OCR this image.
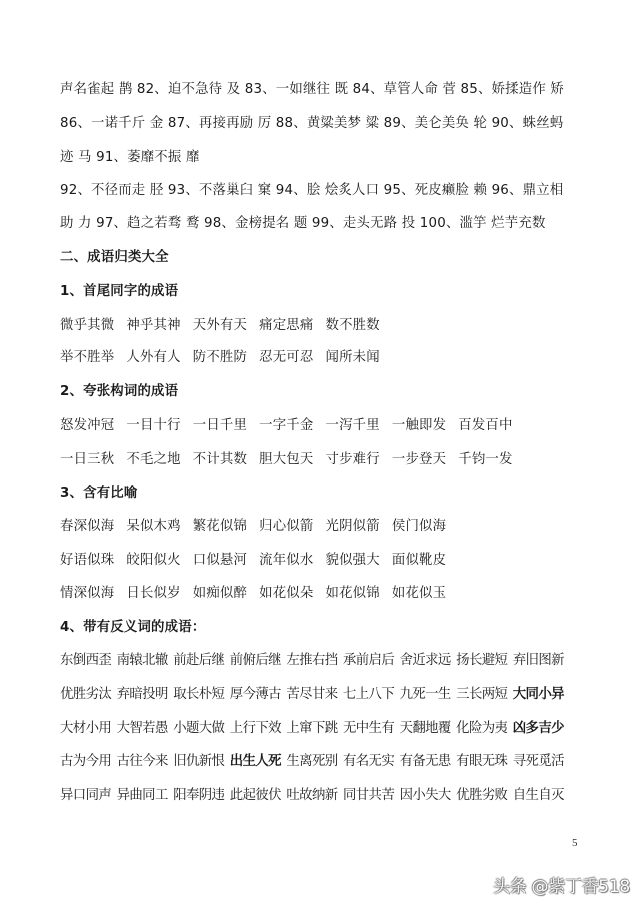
声名雀起 鹊 82、迫不急待 及 83、一如继往 既 84、草管人命 菅 85、娇揉造作 矫
86、一诺千斤 金 87、再接再励 厉 88、黄粱美梦 粱 89、美仑美奂 轮 90、蛛丝蚂
迹 马 91、萎靡不振 靡
92、不径而走 胫 93、不落巢臼 窠 94、脍 烩炙人口 95、死皮癞脸 赖 96、鼎立相
助 力 97、趋之若骛 鹜 98、金榜提名 题 99、走头无路 投 100、滥竽 烂芋充数
二、成语归类大全
1、首尾同字的成语
微乎其微 神乎其神 天外有天 痛定思痛 数不胜数
举不胜举 人外有人 防不胜防 忍无可忍 闻所未闻
2、夸张构词的成语
怒发冲冠 一目十行 一日千里 一字千金 一泻千里 一触即发 百发百中
一日三秋 不毛之地 不计其数 胆大包天 寸步难行 一步登天 千钧一发
3、含有比喻
春深似海 呆似木鸡 繁花似锦 归心似箭 光阴似箭 侯门似海
好语似珠 皎阳似火 口似悬河 流年似水 貌似强大 面似靴皮
情深似海 日长似岁 如痴似醉 如花似朵 如花似锦 如花似玉
4、带有反义词的成语：
东倒西歪 南辕北辙 前赴后继 前俯后继 左推右挡 承前启后 舍近求远 扬长避短 弃旧图新
优胜劣汰 弃暗投明 取长朴短 厚今薄古 苦尽甘来 七上八下 九死一生 三长两短 大同小异
大材小用 大智若愚 小题大做 上行下效 上窜下跳 无中生有 天翻地覆 化险为夷 凶多吉少
古为今用 古往今来 旧仇新恨 出生人死 生离死别 有名无实 有备无患 有眼无珠 寻死觅活
异口同声 异曲同工 阳奉阴违 此起彼伏 吐故纳新 同甘共苦 因小失大 优胜劣败 自生自灭
5
头条 @紫丁香518
